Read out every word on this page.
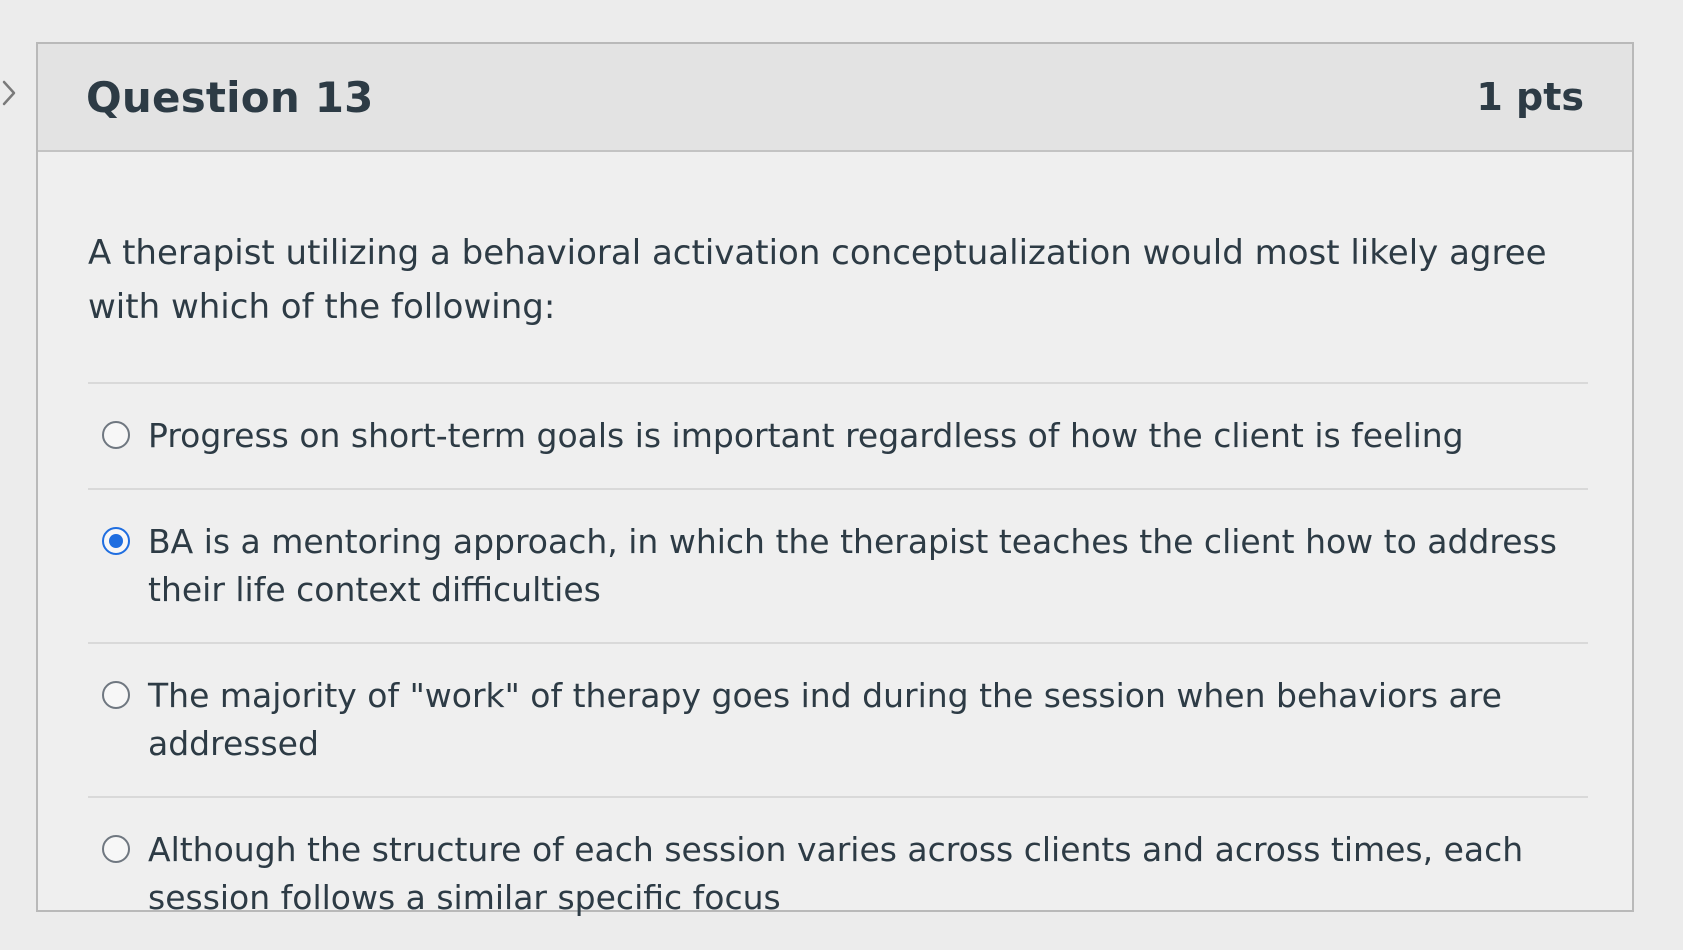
Question 13	1 pts

A therapist utilizing a behavioral activation conceptualization would most likely agree with which of the following:

Progress on short-term goals is important regardless of how the client is feeling
BA is a mentoring approach, in which the therapist teaches the client how to address their life context difficulties
The majority of "work" of therapy goes ind during the session when behaviors are addressed
Although the structure of each session varies across clients and across times, each session follows a similar specific focus
